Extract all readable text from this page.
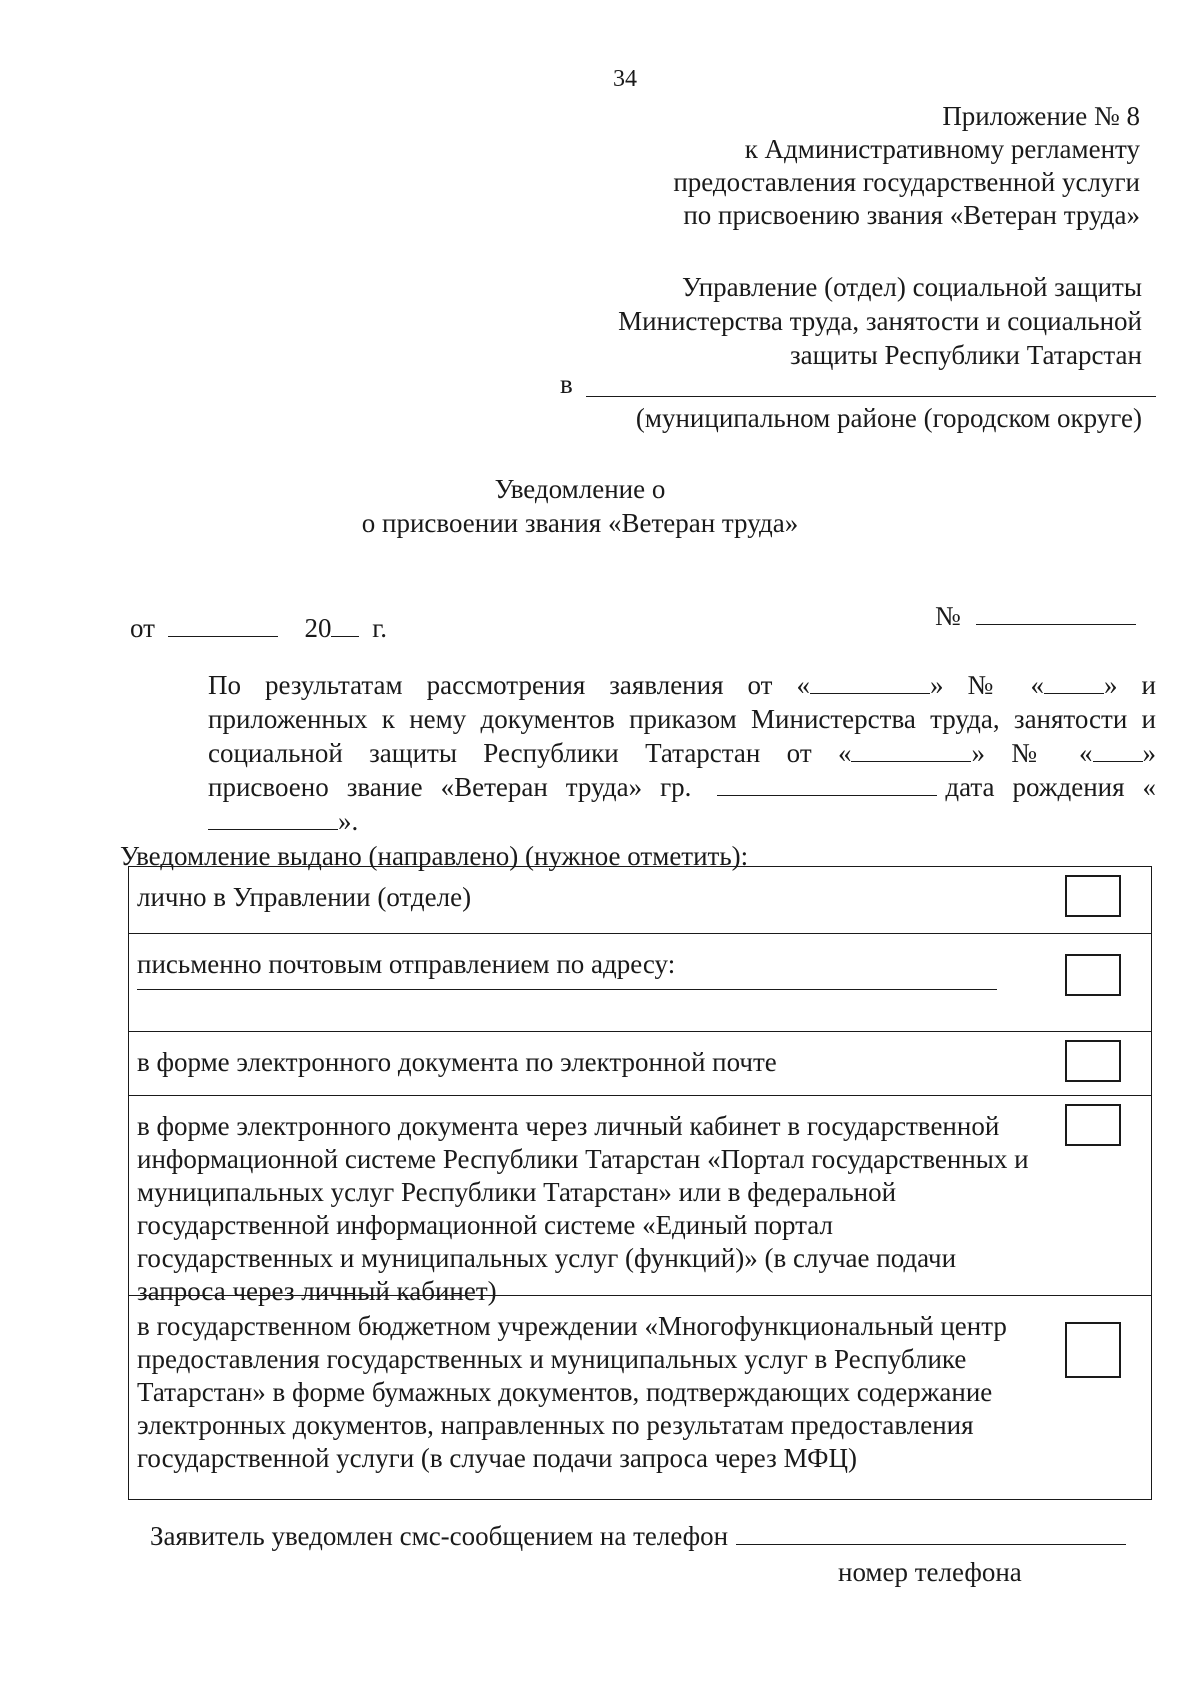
34
Приложение № 8
к Административному регламенту
предоставления государственной услуги
по присвоению звания «Ветеран труда»
Управление (отдел) социальной защиты
Министерства труда, занятости и социальной
защиты Республики Татарстан
в
(муниципальном районе (городском округе)
Уведомление о
о присвоении звания «Ветеран труда»
от	20 г.	№

По результатам рассмотрения заявления от «	» № « » и приложенных к нему документов приказом Министерства труда, занятости и социальной защиты Республики Татарстан от «	» № « » присвоено звание «Ветеран труда» гр.	дата рождения «».

Уведомление выдано (направлено) (нужное отметить):
лично в Управлении (отделе)
письменно почтовым отправлением по адресу:
в форме электронного документа по электронной почте
в форме электронного документа через личный кабинет в государственной информационной системе Республики Татарстан «Портал государственных и муниципальных услуг Республики Татарстан» или в федеральной государственной информационной системе «Единый портал государственных и муниципальных услуг (функций)» (в случае подачи запроса через личный кабинет)
в государственном бюджетном учреждении «Многофункциональный центр предоставления государственных и муниципальных услуг в Республике Татарстан» в форме бумажных документов, подтверждающих содержание электронных документов, направленных по результатам предоставления государственной услуги (в случае подачи запроса через МФЦ)
Заявитель уведомлен смс-сообщением на телефон
номер телефона
